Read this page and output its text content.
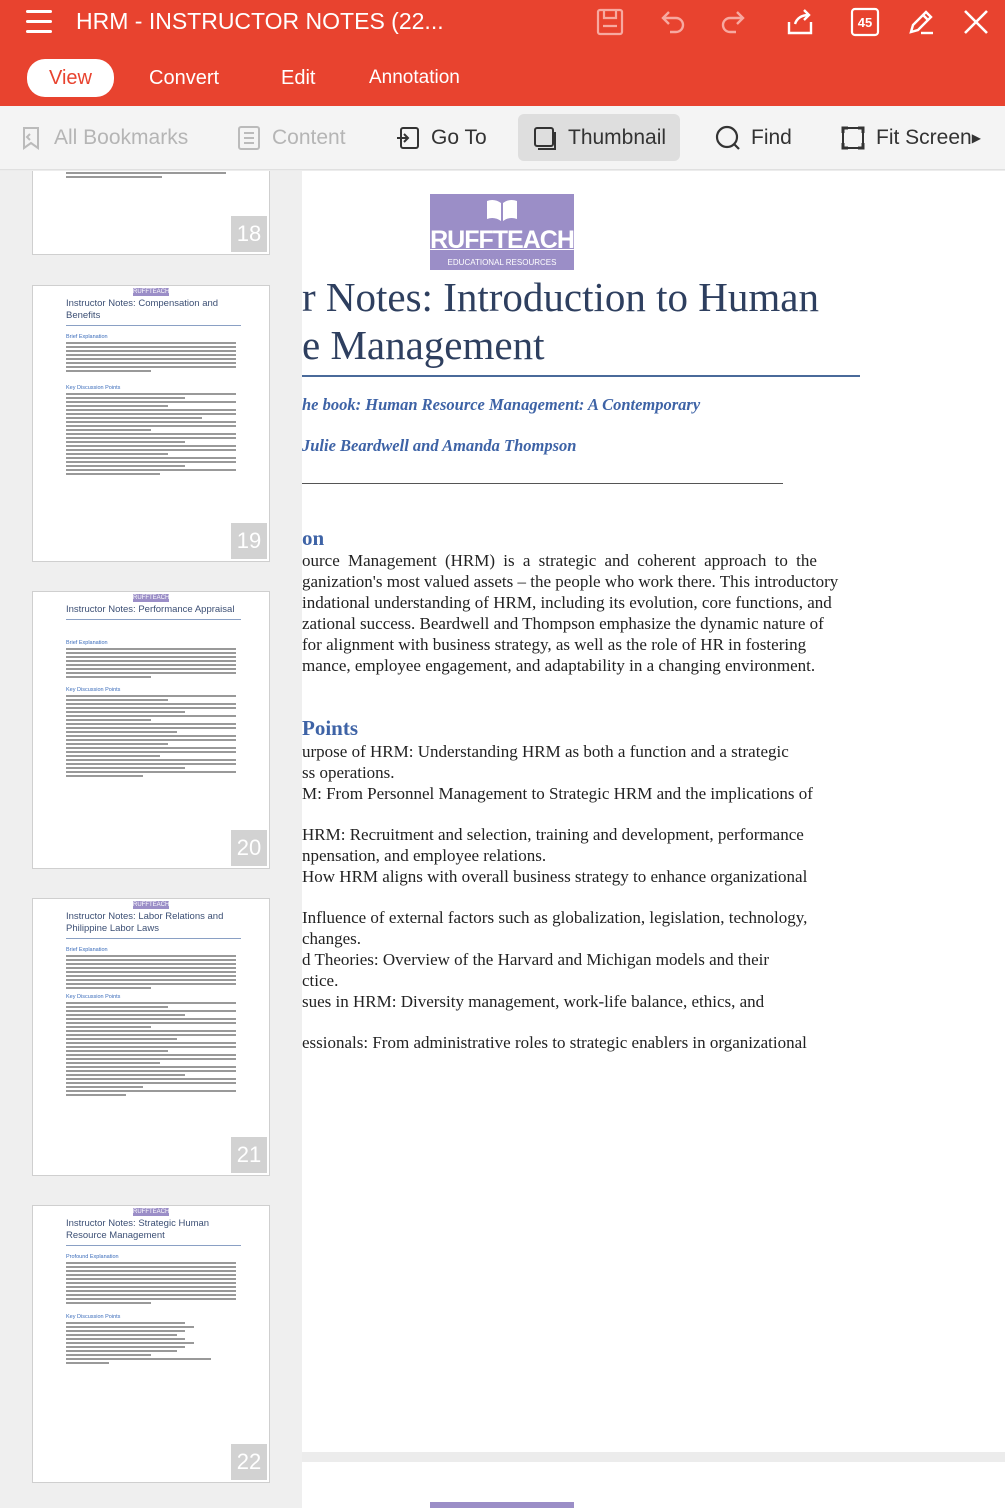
HRM - INSTRUCTOR NOTES (22...	45
View	Convert	Edit	Annotation
All Bookmarks	Content	Go To	Thumbnail	Find	Fit Screen ▶
18
RUFFTEACH
Instructor Notes: Compensation and Benefits
Brief Explanation
Key Discussion Points
19
RUFFTEACH
Instructor Notes: Performance Appraisal
Brief Explanation
Key Discussion Points
20
RUFFTEACH
Instructor Notes: Labor Relations and Philippine Labor Laws
Brief Explanation
Key Discussion Points
21
RUFFTEACH
Instructor Notes: Strategic Human Resource Management
Profound Explanation
Key Discussion Points
22
RUFFTEACH
EDUCATIONAL RESOURCES
r Notes: Introduction to Human
e Management
he book: Human Resource Management: A Contemporary
Julie Beardwell and Amanda Thompson
on
ource Management (HRM) is a strategic and coherent approach to the
ganization's most valued assets – the people who work there. This introductory
indational understanding of HRM, including its evolution, core functions, and
zational success. Beardwell and Thompson emphasize the dynamic nature of
for alignment with business strategy, as well as the role of HR in fostering
mance, employee engagement, and adaptability in a changing environment.
Points
urpose of HRM: Understanding HRM as both a function and a strategic
ss operations.
M: From Personnel Management to Strategic HRM and the implications of
HRM: Recruitment and selection, training and development, performance
npensation, and employee relations.
How HRM aligns with overall business strategy to enhance organizational
Influence of external factors such as globalization, legislation, technology,
changes.
d Theories: Overview of the Harvard and Michigan models and their
ctice.
sues in HRM: Diversity management, work-life balance, ethics, and
essionals: From administrative roles to strategic enablers in organizational
